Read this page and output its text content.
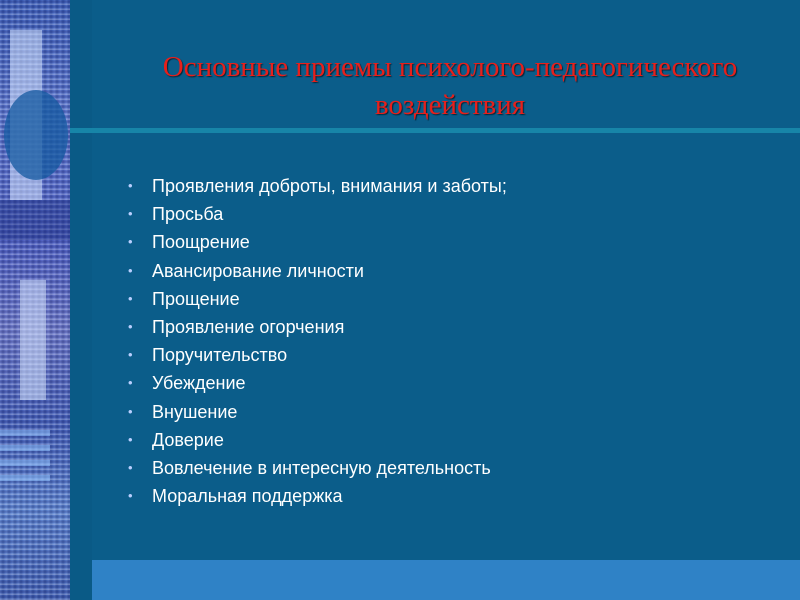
Основные приемы психолого-педагогического воздействия
• Проявления доброты, внимания и заботы;
• Просьба
• Поощрение
• Авансирование личности
• Прощение
• Проявление огорчения
• Поручительство
• Убеждение
• Внушение
• Доверие
• Вовлечение в интересную деятельность
• Моральная поддержка
